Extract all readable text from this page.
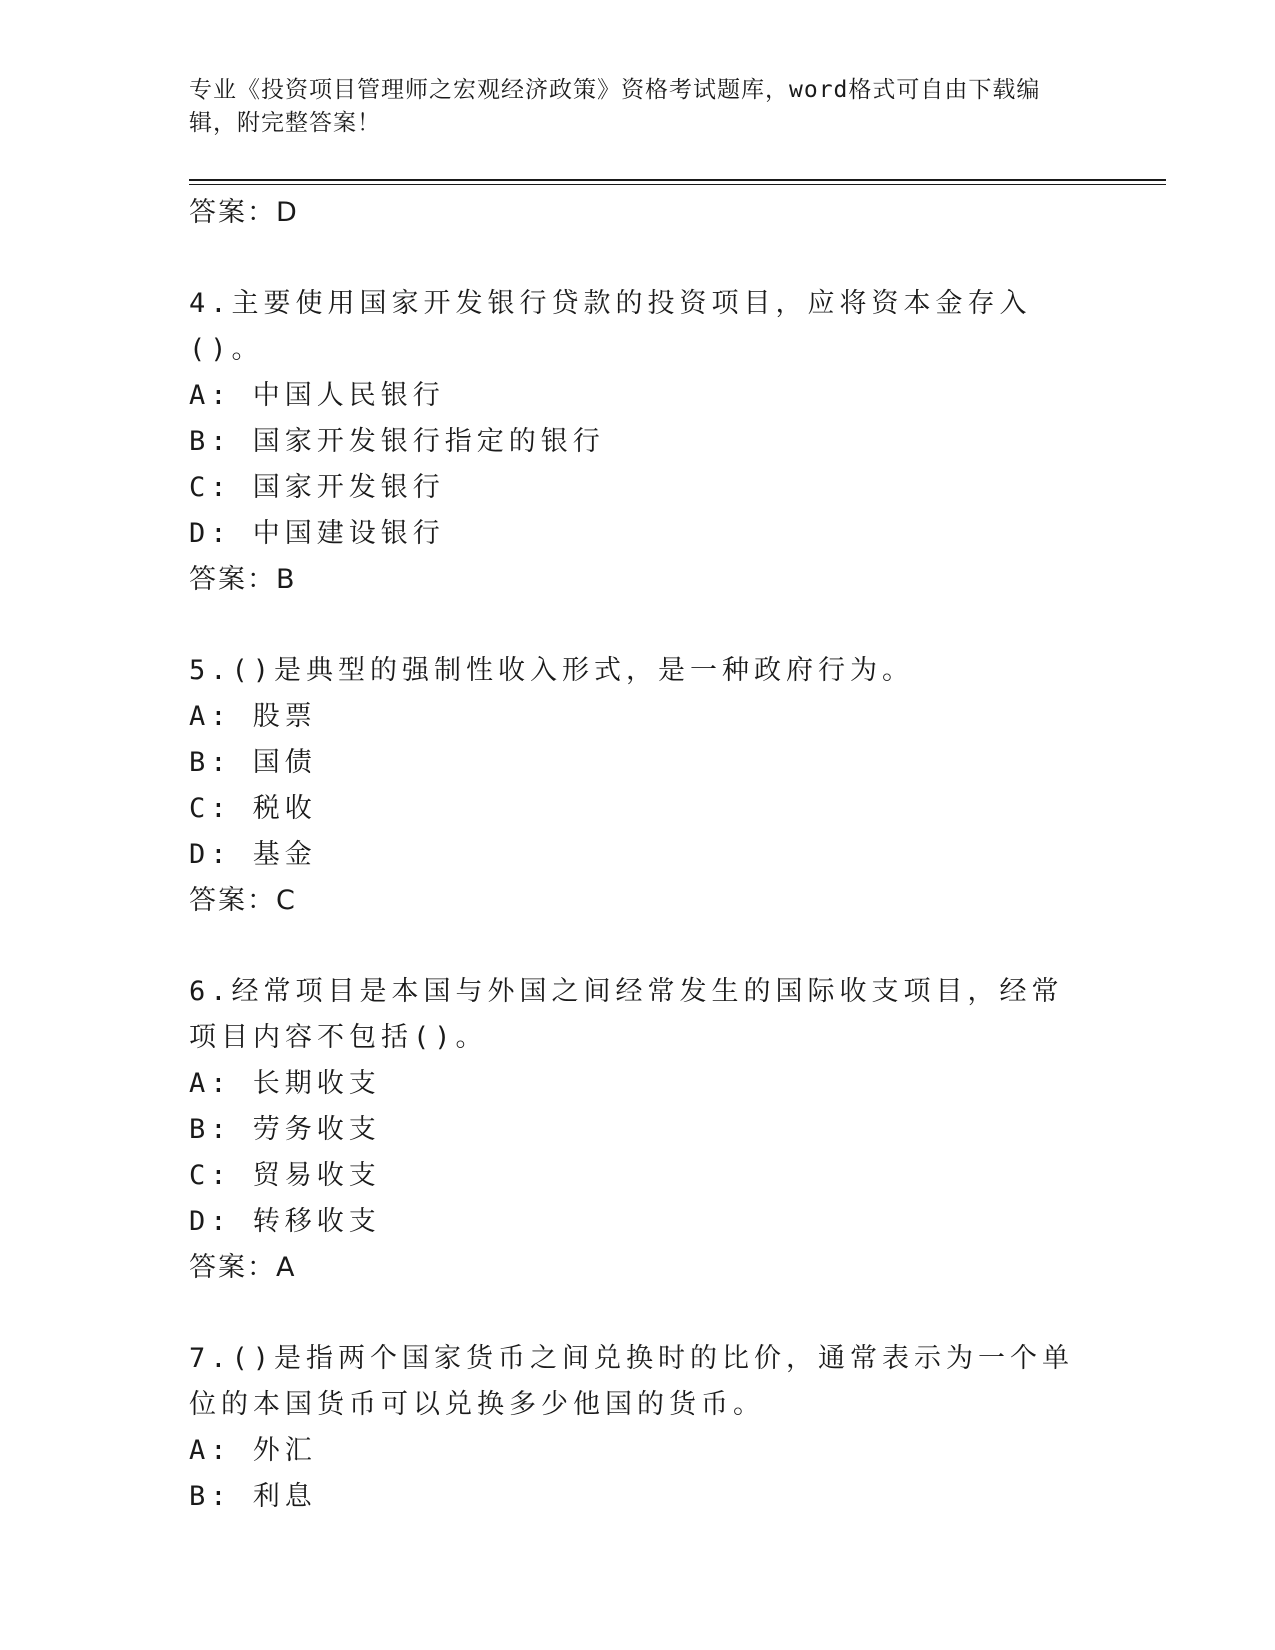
专业《投资项目管理师之宏观经济政策》资格考试题库，word格式可自由下载编辑，附完整答案！
答案：D
4.主要使用国家开发银行贷款的投资项目，应将资本金存入()。
A: 中国人民银行
B: 国家开发银行指定的银行
C: 国家开发银行
D: 中国建设银行
答案：B
5.()是典型的强制性收入形式，是一种政府行为。
A: 股票
B: 国债
C: 税收
D: 基金
答案：C
6.经常项目是本国与外国之间经常发生的国际收支项目，经常项目内容不包括()。
A: 长期收支
B: 劳务收支
C: 贸易收支
D: 转移收支
答案：A
7.()是指两个国家货币之间兑换时的比价，通常表示为一个单位的本国货币可以兑换多少他国的货币。
A: 外汇
B: 利息
